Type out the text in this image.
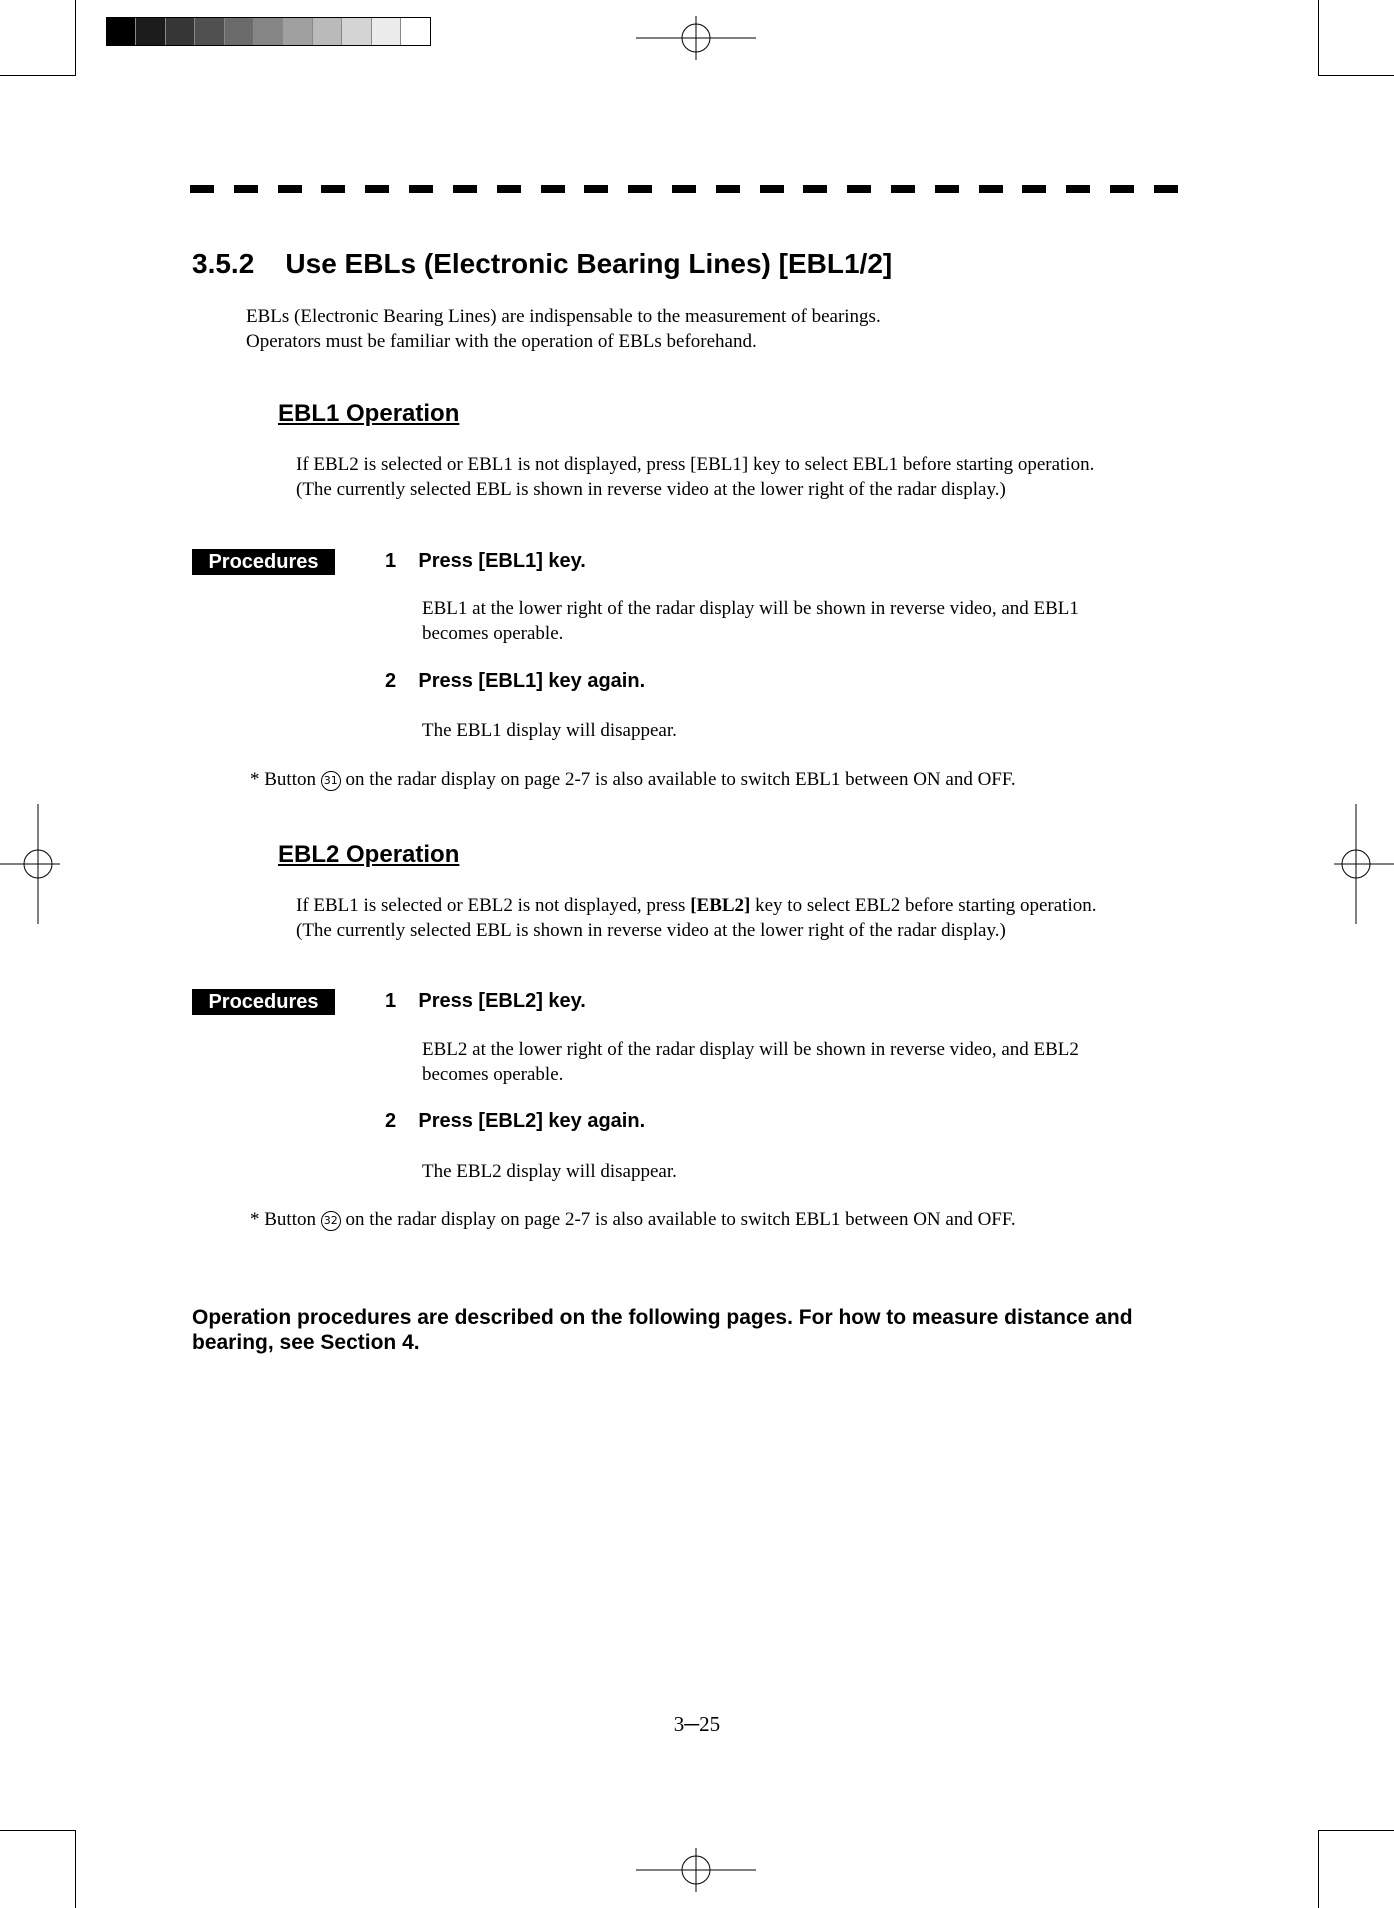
3.5.2 Use EBLs (Electronic Bearing Lines) [EBL1/2]
EBLs (Electronic Bearing Lines) are indispensable to the measurement of bearings.
Operators must be familiar with the operation of EBLs beforehand.
EBL1 Operation
If EBL2 is selected or EBL1 is not displayed, press [EBL1] key to select EBL1 before starting operation.
(The currently selected EBL is shown in reverse video at the lower right of the radar display.)
Procedures	1 Press [EBL1] key.
EBL1 at the lower right of the radar display will be shown in reverse video, and EBL1
becomes operable.
2 Press [EBL1] key again.
The EBL1 display will disappear.
* Button 31 on the radar display on page 2-7 is also available to switch EBL1 between ON and OFF.
EBL2 Operation
If EBL1 is selected or EBL2 is not displayed, press [EBL2] key to select EBL2 before starting operation.
(The currently selected EBL is shown in reverse video at the lower right of the radar display.)
Procedures	1 Press [EBL2] key.
EBL2 at the lower right of the radar display will be shown in reverse video, and EBL2
becomes operable.
2 Press [EBL2] key again.
The EBL2 display will disappear.
* Button 32 on the radar display on page 2-7 is also available to switch EBL1 between ON and OFF.
Operation procedures are described on the following pages. For how to measure distance and bearing, see Section 4.
3─25
